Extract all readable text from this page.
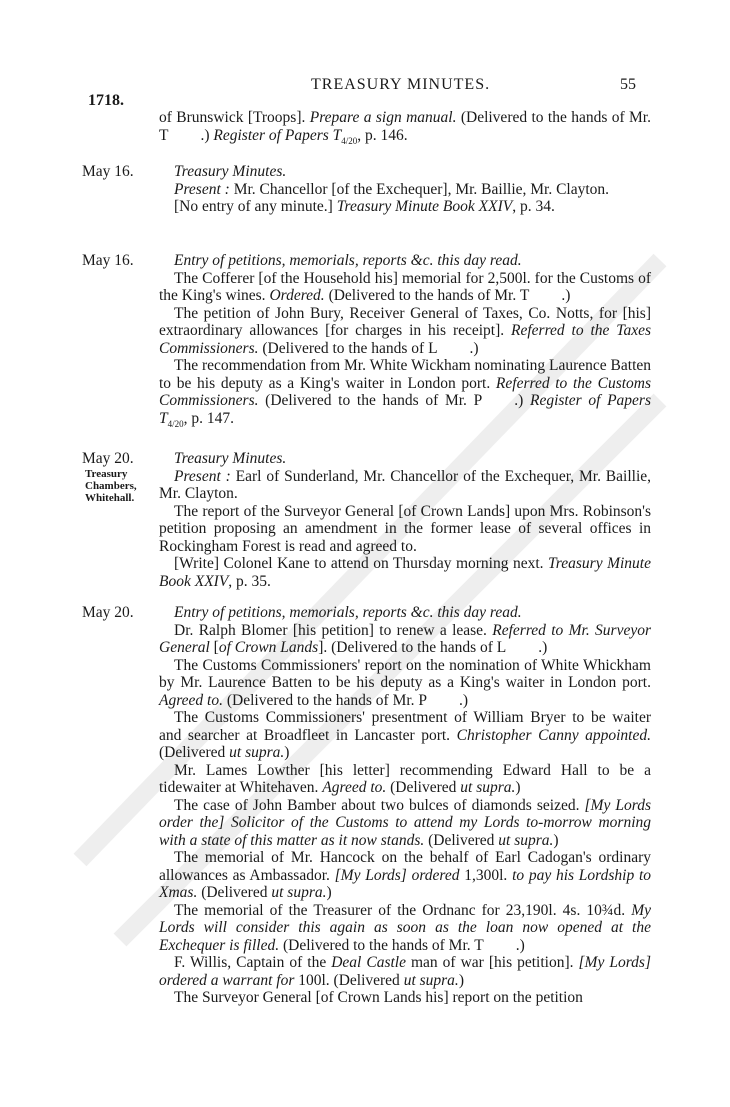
TREASURY MINUTES.	55
1718.

of Brunswick [Troops]. Prepare a sign manual. (Delivered to the hands of Mr. T .) Register of Papers $T_{4/20}$, p. 146.

May 16.	Treasury Minutes.

Present : Mr. Chancellor [of the Exchequer], Mr. Baillie, Mr. Clayton.

[No entry of any minute.] Treasury Minute Book XXIV, p. 34.

May 16.	Entry of petitions, memorials, reports &c. this day read.

The Cofferer [of the Household his] memorial for 2,500l. for the Customs of the King's wines. Ordered. (Delivered to the hands of Mr. T .)

The petition of John Bury, Receiver General of Taxes, Co. Notts, for [his] extraordinary allowances [for charges in his receipt]. Referred to the Taxes Commissioners. (Delivered to the hands of L .)

The recommendation from Mr. White Wickham nominating Laurence Batten to be his deputy as a King's waiter in London port. Referred to the Customs Commissioners. (Delivered to the hands of Mr. P .) Register of Papers $T_{4/20}$, p. 147.

May 20.
Treasury Chambers, Whitehall.

Treasury Minutes.

Present : Earl of Sunderland, Mr. Chancellor of the Exchequer, Mr. Baillie, Mr. Clayton.

The report of the Surveyor General [of Crown Lands] upon Mrs. Robinson's petition proposing an amendment in the former lease of several offices in Rockingham Forest is read and agreed to.

[Write] Colonel Kane to attend on Thursday morning next. Treasury Minute Book XXIV, p. 35.

May 20.	Entry of petitions, memorials, reports &c. this day read.

Dr. Ralph Blomer [his petition] to renew a lease. Referred to Mr. Surveyor General [of Crown Lands]. (Delivered to the hands of L .)

The Customs Commissioners' report on the nomination of White Whickham by Mr. Laurence Batten to be his deputy as a King's waiter in London port. Agreed to. (Delivered to the hands of Mr. P .)

The Customs Commissioners' presentment of William Bryer to be waiter and searcher at Broadfleet in Lancaster port. Christopher Canny appointed. (Delivered ut supra.)

Mr. Lames Lowther [his letter] recommending Edward Hall to be a tidewaiter at Whitehaven. Agreed to. (Delivered ut supra.)

The case of John Bamber about two bulces of diamonds seized. [My Lords order the] Solicitor of the Customs to attend my Lords to-morrow morning with a state of this matter as it now stands. (Delivered ut supra.)

The memorial of Mr. Hancock on the behalf of Earl Cadogan's ordinary allowances as Ambassador. [My Lords] ordered 1,300l. to pay his Lordship to Xmas. (Delivered ut supra.)

The memorial of the Treasurer of the Ordnanc for 23,190l. 4s. 10¾d. My Lords will consider this again as soon as the loan now opened at the Exchequer is filled. (Delivered to the hands of Mr. T .)

F. Willis, Captain of the Deal Castle man of war [his petition]. [My Lords] ordered a warrant for 100l. (Delivered ut supra.)

The Surveyor General [of Crown Lands his] report on the petition
